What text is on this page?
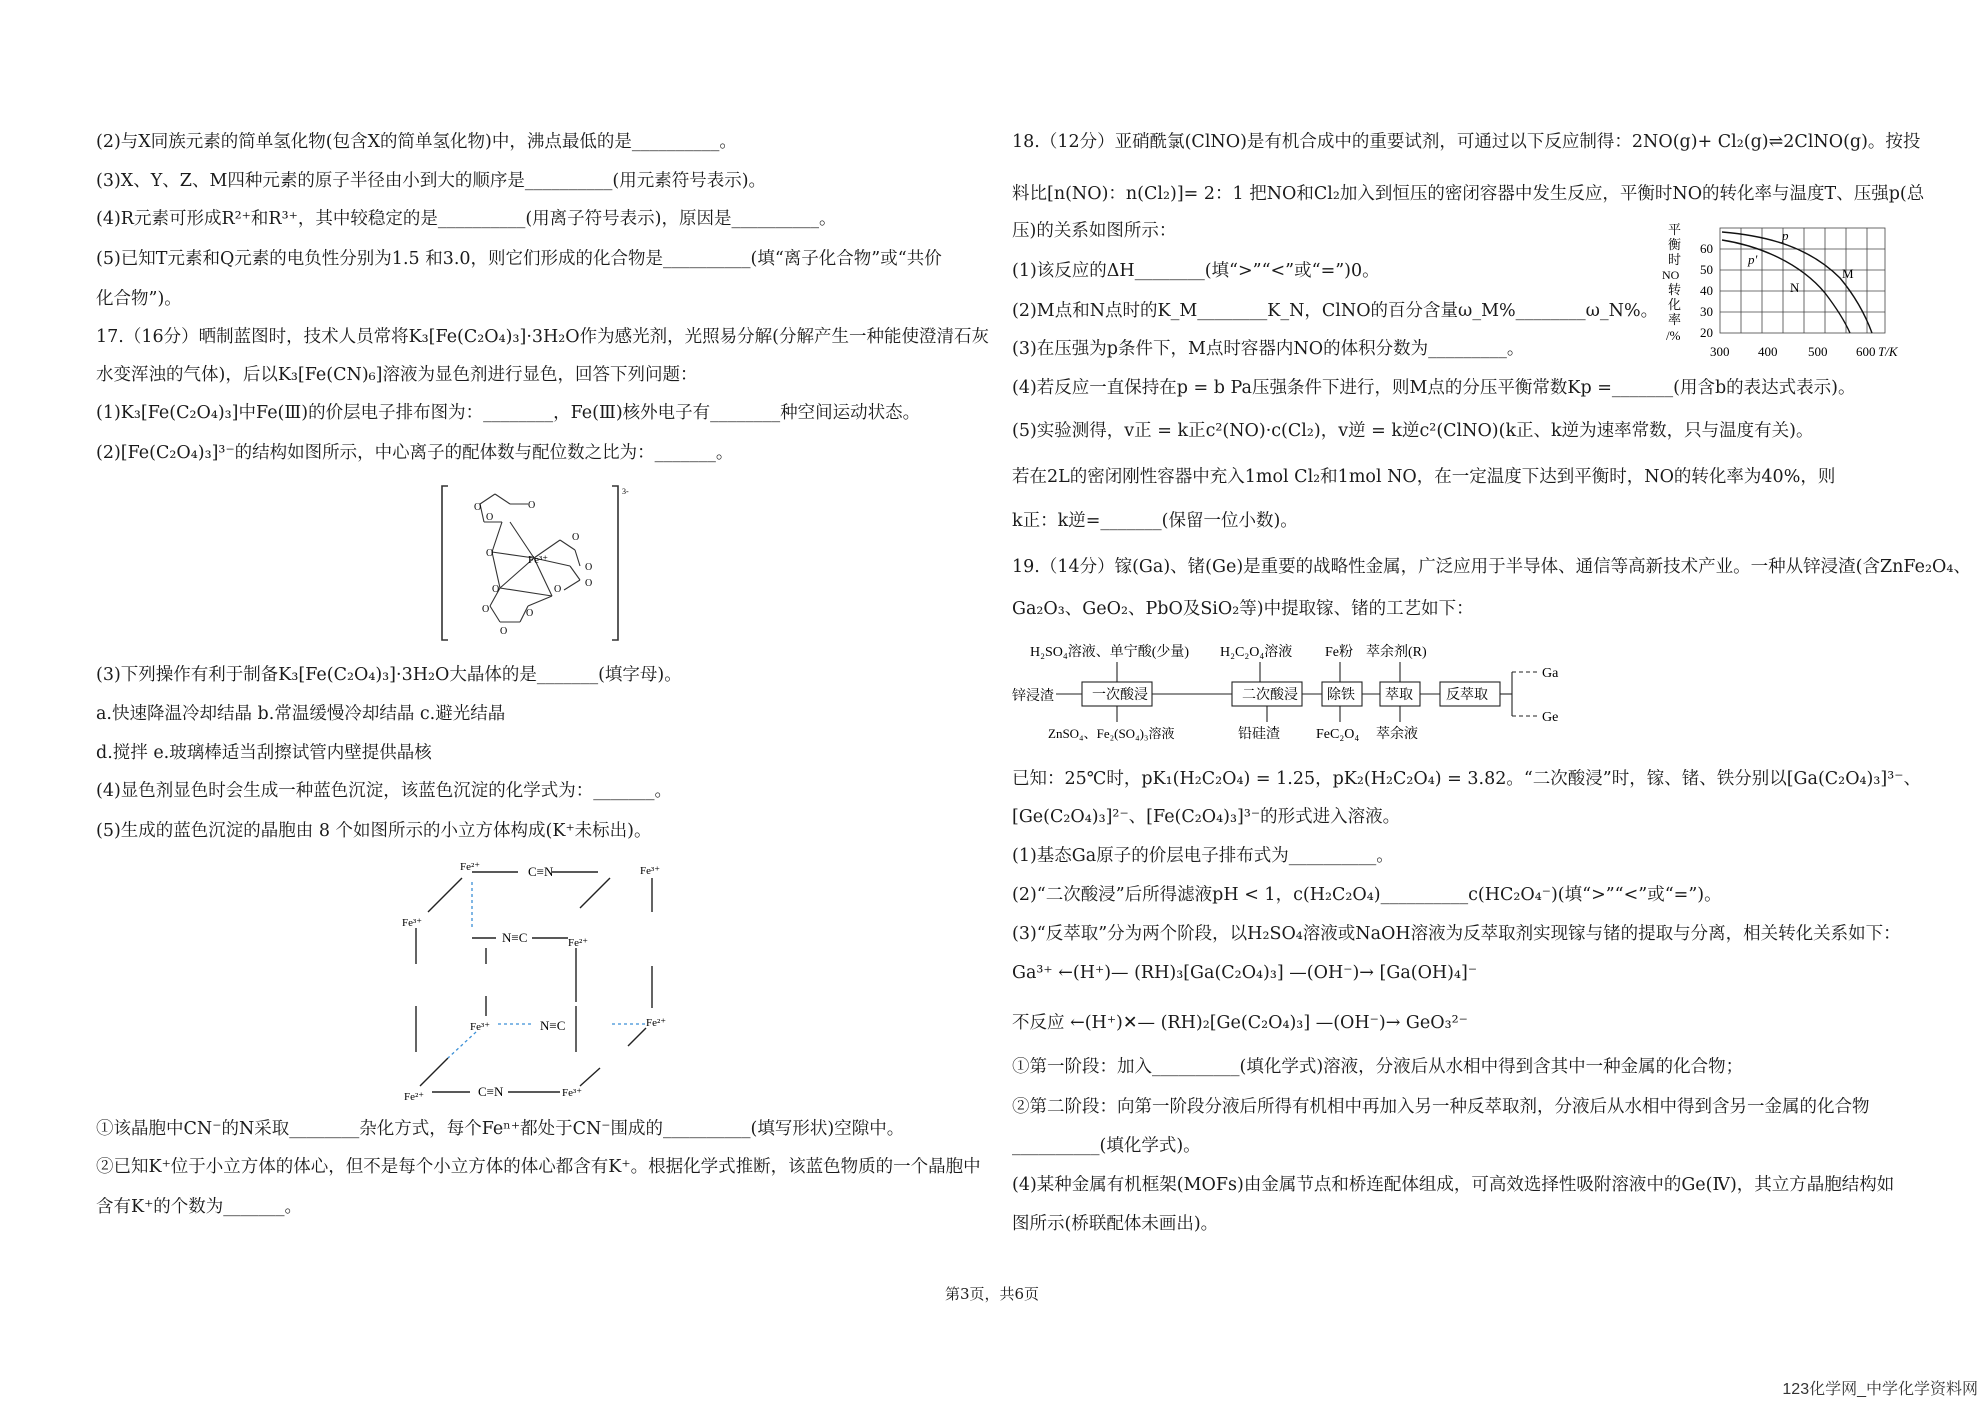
(2)与X同族元素的简单氢化物(包含X的简单氢化物)中，沸点最低的是__________。
(3)X、Y、Z、M四种元素的原子半径由小到大的顺序是__________(用元素符号表示)。
(4)R元素可形成R²⁺和R³⁺，其中较稳定的是__________(用离子符号表示)，原因是__________。
(5)已知T元素和Q元素的电负性分别为1.5 和3.0，则它们形成的化合物是__________(填“离子化合物”或“共价
化合物”)。
17.（16分）晒制蓝图时，技术人员常将K₃[Fe(C₂O₄)₃]·3H₂O作为感光剂，光照易分解(分解产生一种能使澄清石灰
水变浑浊的气体)，后以K₃[Fe(CN)₆]溶液为显色剂进行显色，回答下列问题：
(1)K₃[Fe(C₂O₄)₃]中Fe(Ⅲ)的价层电子排布图为：________，Fe(Ⅲ)核外电子有________种空间运动状态。
(2)[Fe(C₂O₄)₃]³⁻的结构如图所示，中心离子的配体数与配位数之比为：_______。
3-
Fe³⁺
O
O
O
O
O
O
O
O
O
O
O
O
(3)下列操作有利于制备K₃[Fe(C₂O₄)₃]·3H₂O大晶体的是_______(填字母)。
a.快速降温冷却结晶 b.常温缓慢冷却结晶 c.避光结晶
d.搅拌 e.玻璃棒适当刮擦试管内壁提供晶核
(4)显色剂显色时会生成一种蓝色沉淀，该蓝色沉淀的化学式为：_______。
(5)生成的蓝色沉淀的晶胞由 8 个如图所示的小立方体构成(K⁺未标出)。
Fe²⁺	C≡N	Fe³⁺
Fe³⁺
N≡C	Fe²⁺
Fe³⁺	N≡C	Fe²⁺
Fe²⁺	C≡N	Fe³⁺
①该晶胞中CN⁻的N采取________杂化方式，每个Feⁿ⁺都处于CN⁻围成的__________(填写形状)空隙中。
②已知K⁺位于小立方体的体心，但不是每个小立方体的体心都含有K⁺。根据化学式推断，该蓝色物质的一个晶胞中
含有K⁺的个数为_______。
18.（12分）亚硝酰氯(ClNO)是有机合成中的重要试剂，可通过以下反应制得：2NO(g)+ Cl₂(g)⇌2ClNO(g)。按投
料比[n(NO)：n(Cl₂)]= 2：1 把NO和Cl₂加入到恒压的密闭容器中发生反应，平衡时NO的转化率与温度T、压强p(总
压)的关系如图所示：
(1)该反应的ΔH________(填“>”“<”或“=”)0。
(2)M点和N点时的K_M________K_N，ClNO的百分含量ω_M%________ω_N%。
(3)在压强为p条件下，M点时容器内NO的体积分数为_________。
(4)若反应一直保持在p = b Pa压强条件下进行，则M点的分压平衡常数Kp =_______(用含b的表达式表示)。
(5)实验测得，v正 = k正c²(NO)·c(Cl₂)，v逆 = k逆c²(ClNO)(k正、k逆为速率常数，只与温度有关)。
若在2L的密闭刚性容器中充入1mol Cl₂和1mol NO，在一定温度下达到平衡时，NO的转化率为40%，则
k正：k逆=_______(保留一位小数)。
平
衡
时
NO
转
化
率
/%
p
p'
M
N
60
50
40
30
20
300 400 500 600 T/K
19.（14分）镓(Ga)、锗(Ge)是重要的战略性金属，广泛应用于半导体、通信等高新技术产业。一种从锌浸渣(含ZnFe₂O₄、
Ga₂O₃、GeO₂、PbO及SiO₂等)中提取镓、锗的工艺如下：
H₂SO₄溶液、单宁酸(少量) H₂C₂O₄溶液 Fe粉 萃余剂(R)
锌浸渣
ZnSO₄、Fe₂(SO₄)₃溶液	铅硅渣	FeC₂O₄ 萃余液
一次酸浸	二次酸浸 除铁 萃取 反萃取
Ga
Ge
已知：25℃时，pK₁(H₂C₂O₄) = 1.25，pK₂(H₂C₂O₄) = 3.82。“二次酸浸”时，镓、锗、铁分别以[Ga(C₂O₄)₃]³⁻、
[Ge(C₂O₄)₃]²⁻、[Fe(C₂O₄)₃]³⁻的形式进入溶液。
(1)基态Ga原子的价层电子排布式为__________。
(2)“二次酸浸”后所得滤液pH < 1，c(H₂C₂O₄)__________c(HC₂O₄⁻)(填“>”“<”或“=”)。
(3)“反萃取”分为两个阶段，以H₂SO₄溶液或NaOH溶液为反萃取剂实现镓与锗的提取与分离，相关转化关系如下：
Ga³⁺ ←(H⁺)— (RH)₃[Ga(C₂O₄)₃] —(OH⁻)→ [Ga(OH)₄]⁻
不反应 ←(H⁺)✕— (RH)₂[Ge(C₂O₄)₃] —(OH⁻)→ GeO₃²⁻
①第一阶段：加入__________(填化学式)溶液，分液后从水相中得到含其中一种金属的化合物；
②第二阶段：向第一阶段分液后所得有机相中再加入另一种反萃取剂，分液后从水相中得到含另一金属的化合物
__________(填化学式)。
(4)某种金属有机框架(MOFs)由金属节点和桥连配体组成，可高效选择性吸附溶液中的Ge(Ⅳ)，其立方晶胞结构如
图所示(桥联配体未画出)。
第3页，共6页
123化学网_中学化学资料网
